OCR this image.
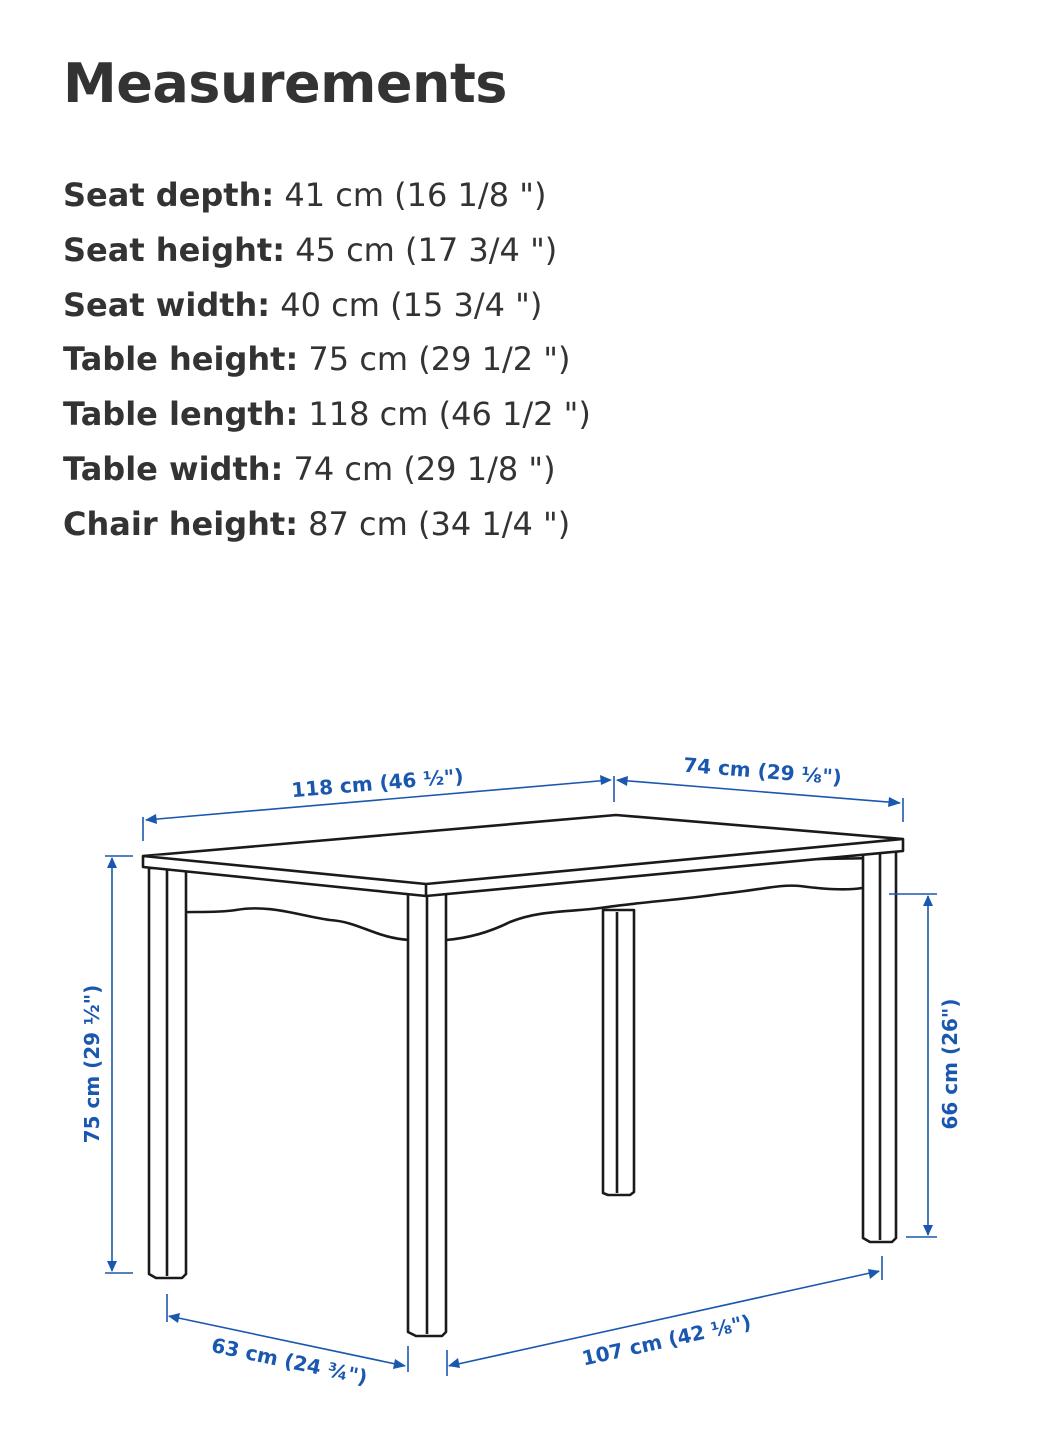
Measurements
Seat depth: 41 cm (16 1/8 ")
Seat height: 45 cm (17 3/4 ")
Seat width: 40 cm (15 3/4 ")
Table height: 75 cm (29 1/2 ")
Table length: 118 cm (46 1/2 ")
Table width: 74 cm (29 1/8 ")
Chair height: 87 cm (34 1/4 ")
118 cm (46 ½")	74 cm (29 ⅛")
75 cm (29 ½")	66 cm (26")
63 cm (24 ¾")	107 cm (42 ⅛")
